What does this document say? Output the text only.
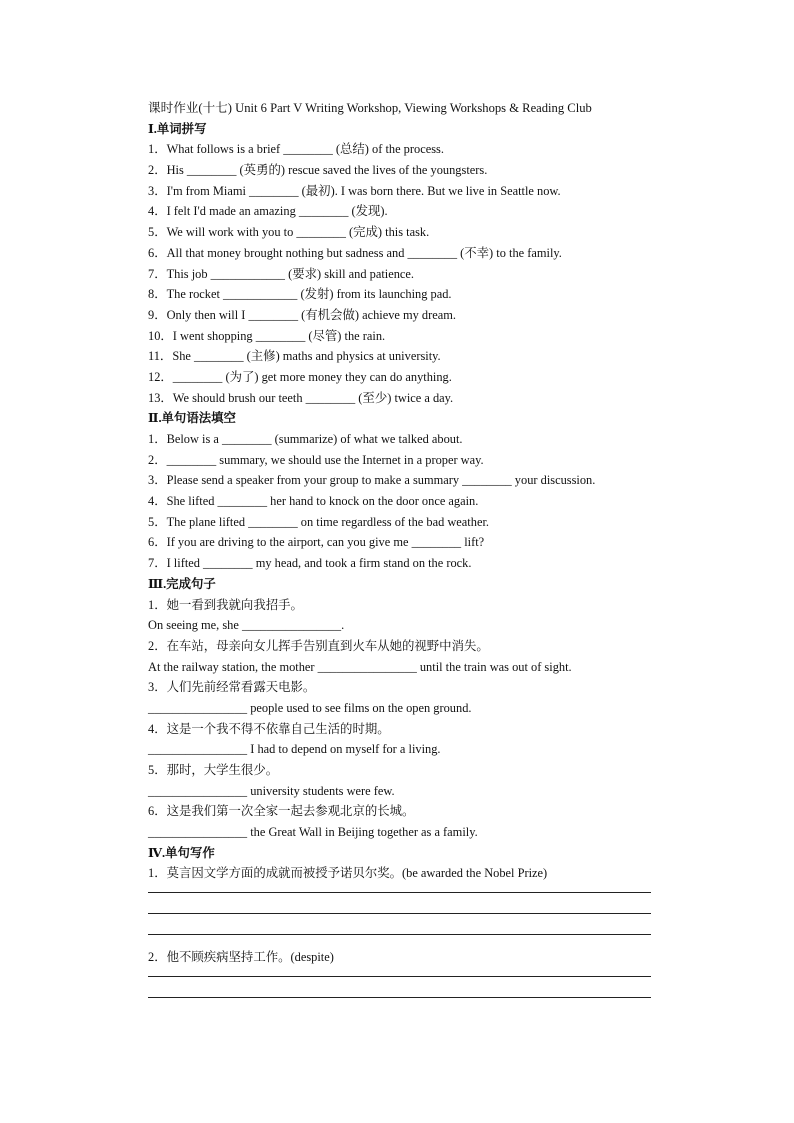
课时作业(十七) Unit 6 Part V Writing Workshop, Viewing Workshops & Reading Club
Ⅰ.单词拼写
1．What follows is a brief ________ (总结) of the process.
2．His ________ (英勇的) rescue saved the lives of the youngsters.
3．I'm from Miami ________ (最初). I was born there. But we live in Seattle now.
4．I felt I'd made an amazing ________ (发现).
5．We will work with you to ________ (完成) this task.
6．All that money brought nothing but sadness and ________ (不幸) to the family.
7．This job ____________ (要求) skill and patience.
8．The rocket ____________ (发射) from its launching pad.
9．Only then will I ________ (有机会做) achieve my dream.
10．I went shopping ________ (尽管) the rain.
11．She ________ (主修) maths and physics at university.
12．________ (为了) get more money they can do anything.
13．We should brush our teeth ________ (至少) twice a day.
Ⅱ.单句语法填空
1．Below is a ________ (summarize) of what we talked about.
2．________ summary, we should use the Internet in a proper way.
3．Please send a speaker from your group to make a summary ________ your discussion.
4．She lifted ________ her hand to knock on the door once again.
5．The plane lifted ________ on time regardless of the bad weather.
6．If you are driving to the airport, can you give me ________ lift?
7．I lifted ________ my head, and took a firm stand on the rock.
Ⅲ.完成句子
1．她一看到我就向我招手。
On seeing me, she ________________.
2．在车站，母亲向女儿挥手告别直到火车从她的视野中消失。
At the railway station, the mother ________________ until the train was out of sight.
3．人们先前经常看露天电影。
________________ people used to see films on the open ground.
4．这是一个我不得不依靠自己生活的时期。
________________ I had to depend on myself for a living.
5．那时，大学生很少。
________________ university students were few.
6．这是我们第一次全家一起去参观北京的长城。
________________ the Great Wall in Beijing together as a family.
Ⅳ.单句写作
1．莫言因文学方面的成就而被授予诺贝尔奖。(be awarded the Nobel Prize)
2．他不顾疾病坚持工作。(despite)
